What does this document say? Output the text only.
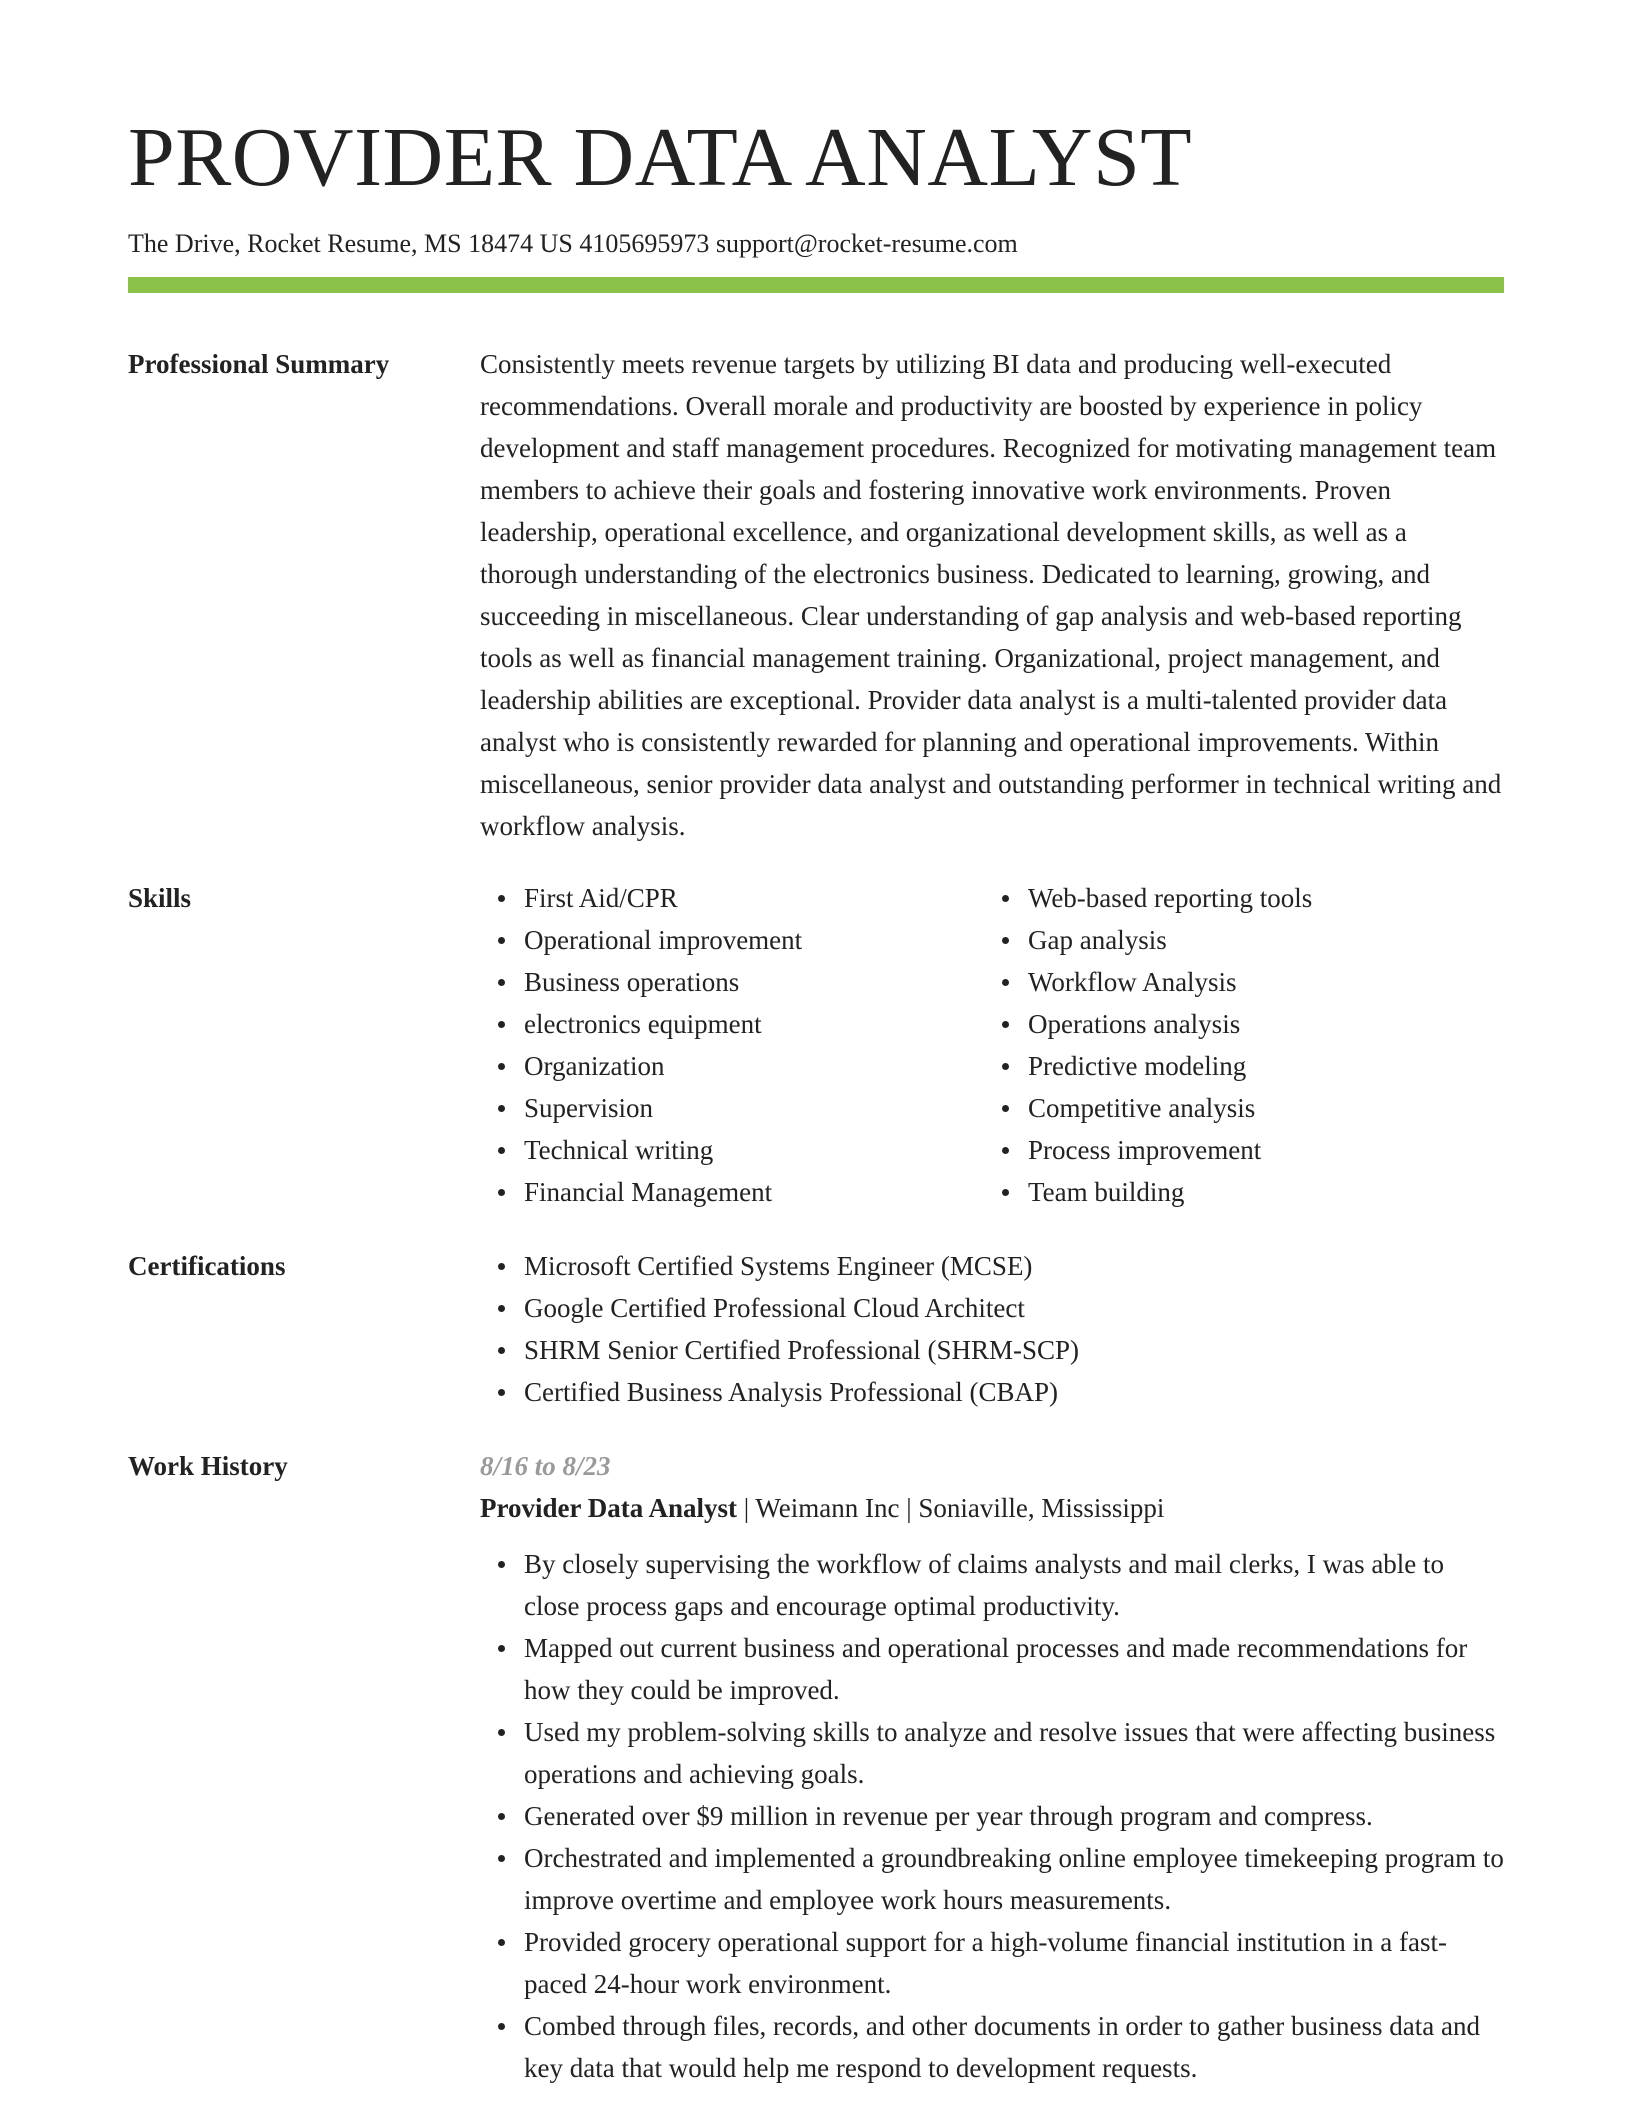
PROVIDER DATA ANALYST
The Drive, Rocket Resume, MS 18474 US 4105695973 support@rocket-resume.com
Professional Summary	Consistently meets revenue targets by utilizing BI data and producing well-executed recommendations. Overall morale and productivity are boosted by experience in policy development and staff management procedures. Recognized for motivating management team members to achieve their goals and fostering innovative work environments. Proven leadership, operational excellence, and organizational development skills, as well as a thorough understanding of the electronics business. Dedicated to learning, growing, and succeeding in miscellaneous. Clear understanding of gap analysis and web-based reporting tools as well as financial management training. Organizational, project management, and leadership abilities are exceptional. Provider data analyst is a multi-talented provider data analyst who is consistently rewarded for planning and operational improvements. Within miscellaneous, senior provider data analyst and outstanding performer in technical writing and workflow analysis.
Skills	First Aid/CPR
Operational improvement
Business operations
electronics equipment
Organization
Supervision
Technical writing
Financial Management
Web-based reporting tools
Gap analysis
Workflow Analysis
Operations analysis
Predictive modeling
Competitive analysis
Process improvement
Team building
Certifications	Microsoft Certified Systems Engineer (MCSE)
Google Certified Professional Cloud Architect
SHRM Senior Certified Professional (SHRM-SCP)
Certified Business Analysis Professional (CBAP)
Work History	8/16 to 8/23
Provider Data Analyst | Weimann Inc | Soniaville, Mississippi
By closely supervising the workflow of claims analysts and mail clerks, I was able to close process gaps and encourage optimal productivity.
Mapped out current business and operational processes and made recommendations for how they could be improved.
Used my problem-solving skills to analyze and resolve issues that were affecting business operations and achieving goals.
Generated over $9 million in revenue per year through program and compress.
Orchestrated and implemented a groundbreaking online employee timekeeping program to improve overtime and employee work hours measurements.
Provided grocery operational support for a high-volume financial institution in a fast-paced 24-hour work environment.
Combed through files, records, and other documents in order to gather business data and key data that would help me respond to development requests.
